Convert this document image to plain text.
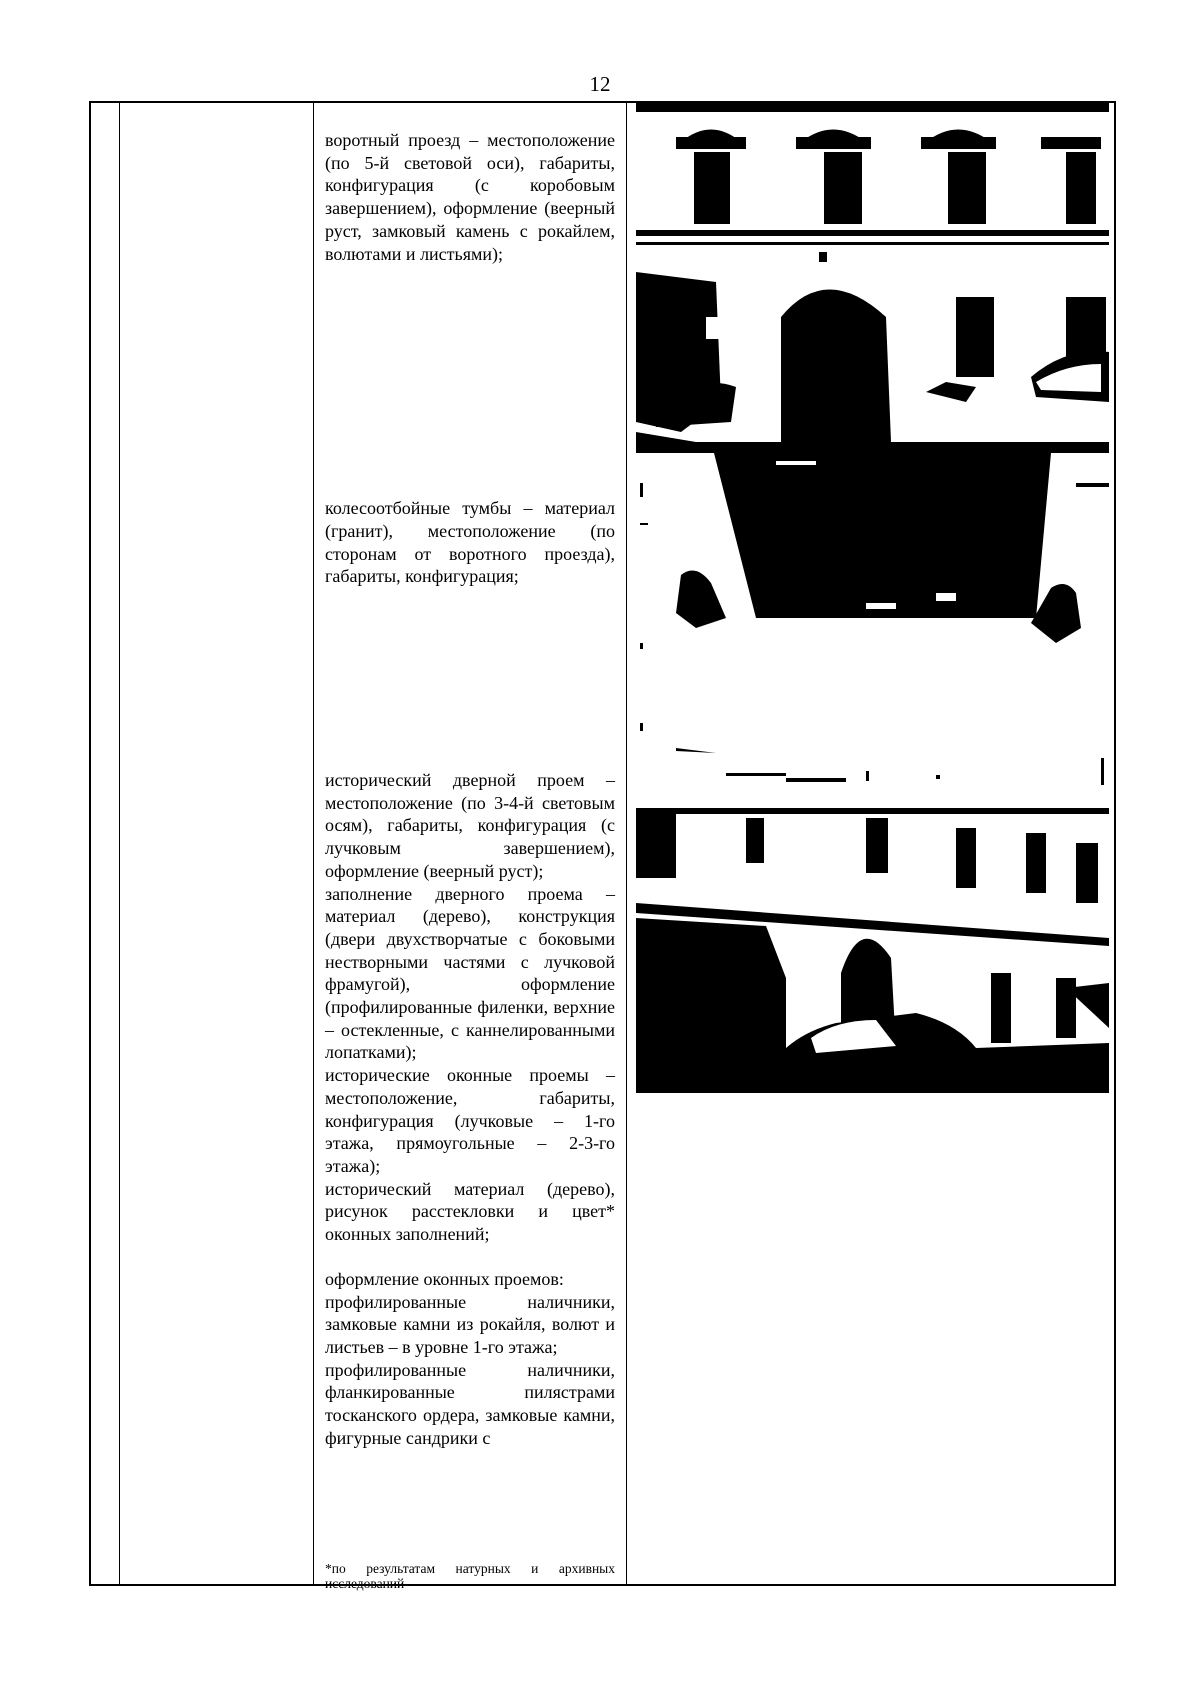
12

воротный проезд – местоположение (по 5-й световой оси), габариты, конфигурация (с коробовым завершением), оформление (веерный руст, замковый камень с рокайлем, волютами и листьями);

колесоотбойные тумбы – материал (гранит), местоположение (по сторонам от воротного проезда), габариты, конфигурация;

исторический дверной проем – местоположение (по 3-4-й световым осям), габариты, конфигурация (с лучковым завершением), оформление (веерный руст);

заполнение дверного проема – материал (дерево), конструкция (двери двухстворчатые с боковыми нестворными частями с лучковой фрамугой), оформление (профилированные филенки, верхние – остекленные, с каннелированными лопатками);

исторические оконные проемы – местоположение, габариты, конфигурация (лучковые – 1-го этажа, прямоугольные – 2-3-го этажа);

исторический материал (дерево), рисунок расстекловки и цвет* оконных заполнений;

оформление оконных проемов:

профилированные наличники, замковые камни из рокайля, волют и листьев – в уровне 1-го этажа;

профилированные наличники, фланкированные пилястрами тосканского ордера, замковые камни, фигурные сандрики с

*по результатам натурных и архивных исследований
